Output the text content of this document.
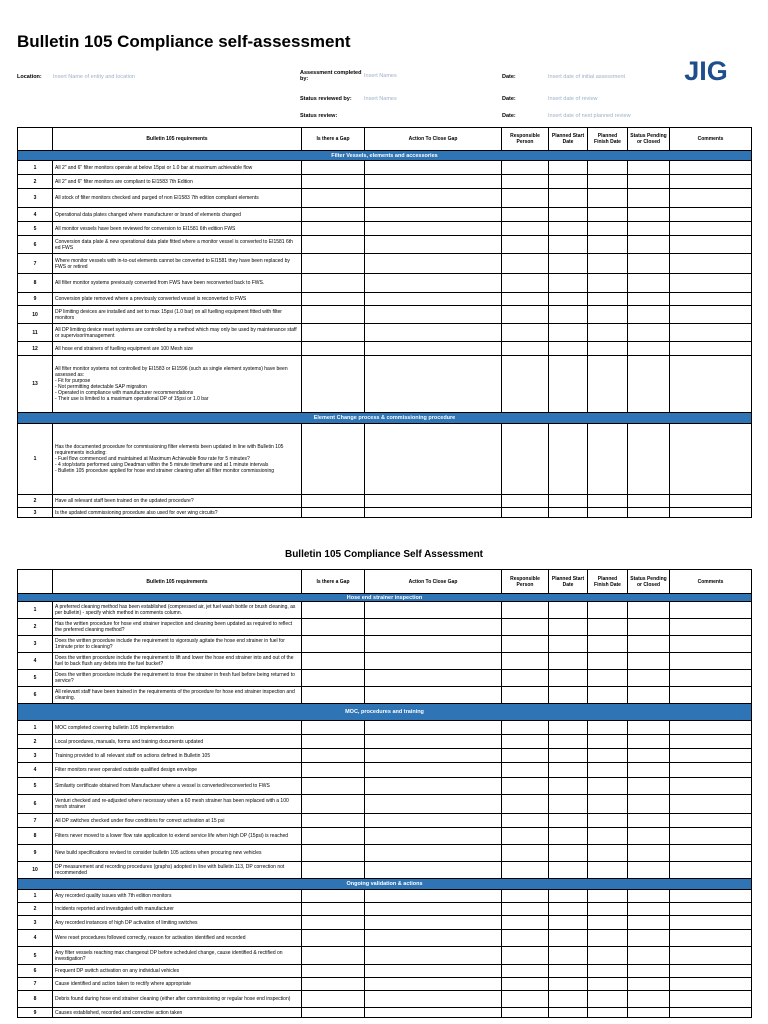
Bulletin 105 Compliance self-assessment
Location: Insert Name of entity and location
Assessment completed by:	Insert Names	Date:	Insert date of initial assessment
Status reviewed by: Insert Names	Date:	Insert date of review
Status review:	Date:	Insert date of next planned review
JIG
	Bulletin 105 requirements	Is there a Gap	Action To Close Gap	Responsible Person	Planned Start Date	Planned Finish Date	Status Pending or Closed	Comments
Filter Vessels, elements and accessories								
1	All 2" and 6" filter monitors operate at below 15psi or 1.0 bar at maximum achievable flow							
2	All 2" and 6" filter monitors are compliant to EI1583 7th Edition							
3	All stock of filter monitors checked and purged of non EI1583 7th edition compliant elements							
4	Operational data plates changed where manufacturer or brand of elements changed							
5	All monitor vessels have been reviewed for conversion to EI1581 6th edition FWS							
6	Conversion data plate & new operational data plate fitted where a monitor vessel is converted to EI1581 6th ed FWS							
7	Where monitor vessels with in-to-out elements cannot be converted to EI1581 they have been replaced by FWS or retired							
8	All filter monitor systems previously converted from FWS have been reconverted back to FWS.							
9	Conversion plate removed where a previously converted vessel is reconverted to FWS							
10	DP limiting devices are installed and set to max 15psi (1.0 bar) on all fuelling equipment fitted with filter monitors							
11	All DP limiting device reset systems are controlled by a method which may only be used by maintenance staff or supervisor/management							
12	All hose end strainers of fuelling equipment are 100 Mesh size							
13	All filter monitor systems not controlled by EI1583 or EI1596 (such as single element systems) have been assessed as:
- Fit for purpose
- Not permitting detectable SAP migration
- Operated in compliance with manufacturer recommendations
- Their use is limited to a maximum operational DP of 15psi or 1.0 bar							
Element Change process & commissioning procedure								
1	Has the documented procedure for commissioning filter elements been updated in line with Bulletin 105 requirements including:
- Fuel flow commenced and maintained at Maximum Achievable flow rate for 5 minutes?
- 4 stop/starts performed using Deadman within the 5 minute timeframe and at 1 minute intervals
- Bulletin 105 procedure applied for hose end strainer cleaning after all filter monitor commissioning							
2	Have all relevant staff been trained on the updated procedure?							
3	Is the updated commissioning procedure also used for over wing circuits?							
Bulletin 105 Compliance Self Assessment
	Bulletin 105 requirements	Is there a Gap	Action To Close Gap	Responsible Person	Planned Start Date	Planned Finish Date	Status Pending or Closed	Comments
Hose end strainer inspection								
1	A preferred cleaning method has been established (compressed air, jet fuel wash bottle or brush cleaning, as per bulletin) - specify which method in comments column.							
2	Has the written procedure for hose end strainer inspection and cleaning been updated as required to reflect the preferred cleaning method?							
3	Does the written procedure include the requirement to vigorously agitate the hose end strainer in fuel for 1minute prior to cleaning?							
4	Does the written procedure include the requirement to lift and lower the hose end strainer into and out of the fuel to back flush any debris into the fuel bucket?							
5	Does the written procedure include the requirement to rinse the strainer in fresh fuel before being returned to service?							
6	All relevant staff have been trained in the requirements of the procedure for hose end strainer inspection and cleaning.							
MOC, procedures and training								
1	MOC completed covering bulletin 105 implementation							
2	Local procedures, manuals, forms and training documents updated							
3	Training provided to all relevant staff on actions defined in Bulletin 105							
4	Filter monitors never operated outside qualified design envelope							
5	Similarity certificate obtained from Manufacturer where a vessel is converted/reconverted to FWS							
6	Venturi checked and re-adjusted where necessary when a 60 mesh strainer has been replaced with a 100 mesh strainer							
7	All DP switches checked under flow conditions for correct activation at 15 psi							
8	Filters never moved to a lower flow rate application to extend service life when high DP (15psi) is reached							
9	New build specifications revised to consider bulletin 105 actions when procuring new vehicles							
10	DP measurement and recording procedures (graphs) adopted in line with bulletin 113, DP correction not recommended							
Ongoing validation & actions								
1	Any recorded quality issues with 7th edition monitors							
2	Incidents reported and investigated with manufacturer							
3	Any recorded instances of high DP activation of limiting switches							
4	Were reset procedures followed correctly, reason for activation identified and recorded							
5	Any filter vessels reaching max changeout DP before scheduled change, cause identified & rectified on investigation?							
6	Frequent DP switch activation on any individual vehicles							
7	Cause identified and action taken to rectify where appropriate							
8	Debris found during hose end strainer cleaning (either after commissioning or regular hose end inspection)							
9	Causes established, recorded and corrective action taken							
